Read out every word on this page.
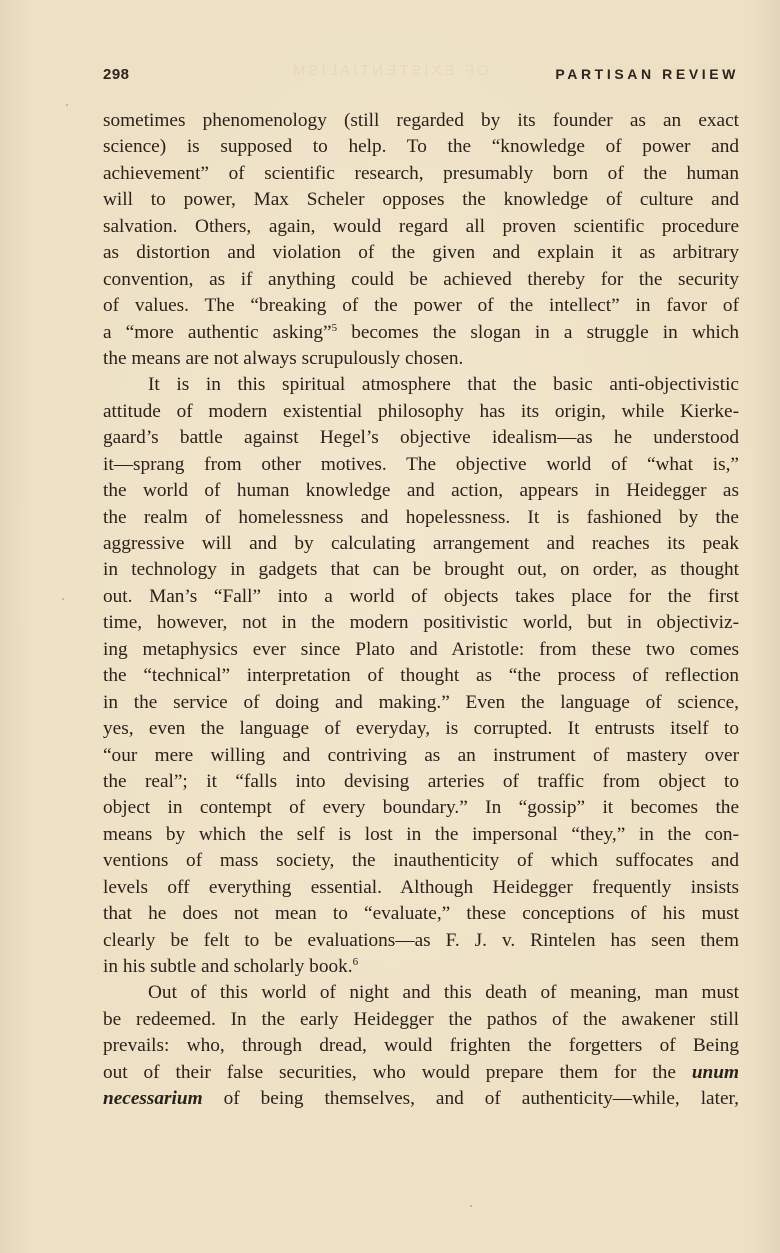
OF EXISTENTIALISM
298	PARTISAN REVIEW
sometimes phenomenology (still regarded by its founder as an exact
science) is supposed to help. To the “knowledge of power and
achievement” of scientific research, presumably born of the human
will to power, Max Scheler opposes the knowledge of culture and
salvation. Others, again, would regard all proven scientific procedure
as distortion and violation of the given and explain it as arbitrary
convention, as if anything could be achieved thereby for the security
of values. The “breaking of the power of the intellect” in favor of
a “more authentic asking”$^5$ becomes the slogan in a struggle in which
the means are not always scrupulously chosen.
It is in this spiritual atmosphere that the basic anti-objectivistic
attitude of modern existential philosophy has its origin, while Kierke-
gaard’s battle against Hegel’s objective idealism—as he understood
it—sprang from other motives. The objective world of “what is,”
the world of human knowledge and action, appears in Heidegger as
the realm of homelessness and hopelessness. It is fashioned by the
aggressive will and by calculating arrangement and reaches its peak
in technology in gadgets that can be brought out, on order, as thought
out. Man’s “Fall” into a world of objects takes place for the first
time, however, not in the modern positivistic world, but in objectiviz-
ing metaphysics ever since Plato and Aristotle: from these two comes
the “technical” interpretation of thought as “the process of reflection
in the service of doing and making.” Even the language of science,
yes, even the language of everyday, is corrupted. It entrusts itself to
“our mere willing and contriving as an instrument of mastery over
the real”; it “falls into devising arteries of traffic from object to
object in contempt of every boundary.” In “gossip” it becomes the
means by which the self is lost in the impersonal “they,” in the con-
ventions of mass society, the inauthenticity of which suffocates and
levels off everything essential. Although Heidegger frequently insists
that he does not mean to “evaluate,” these conceptions of his must
clearly be felt to be evaluations—as F. J. v. Rintelen has seen them
in his subtle and scholarly book.$^6$
Out of this world of night and this death of meaning, man must
be redeemed. In the early Heidegger the pathos of the awakener still
prevails: who, through dread, would frighten the forgetters of Being
out of their false securities, who would prepare them for the unum
necessarium of being themselves, and of authenticity—while, later,
